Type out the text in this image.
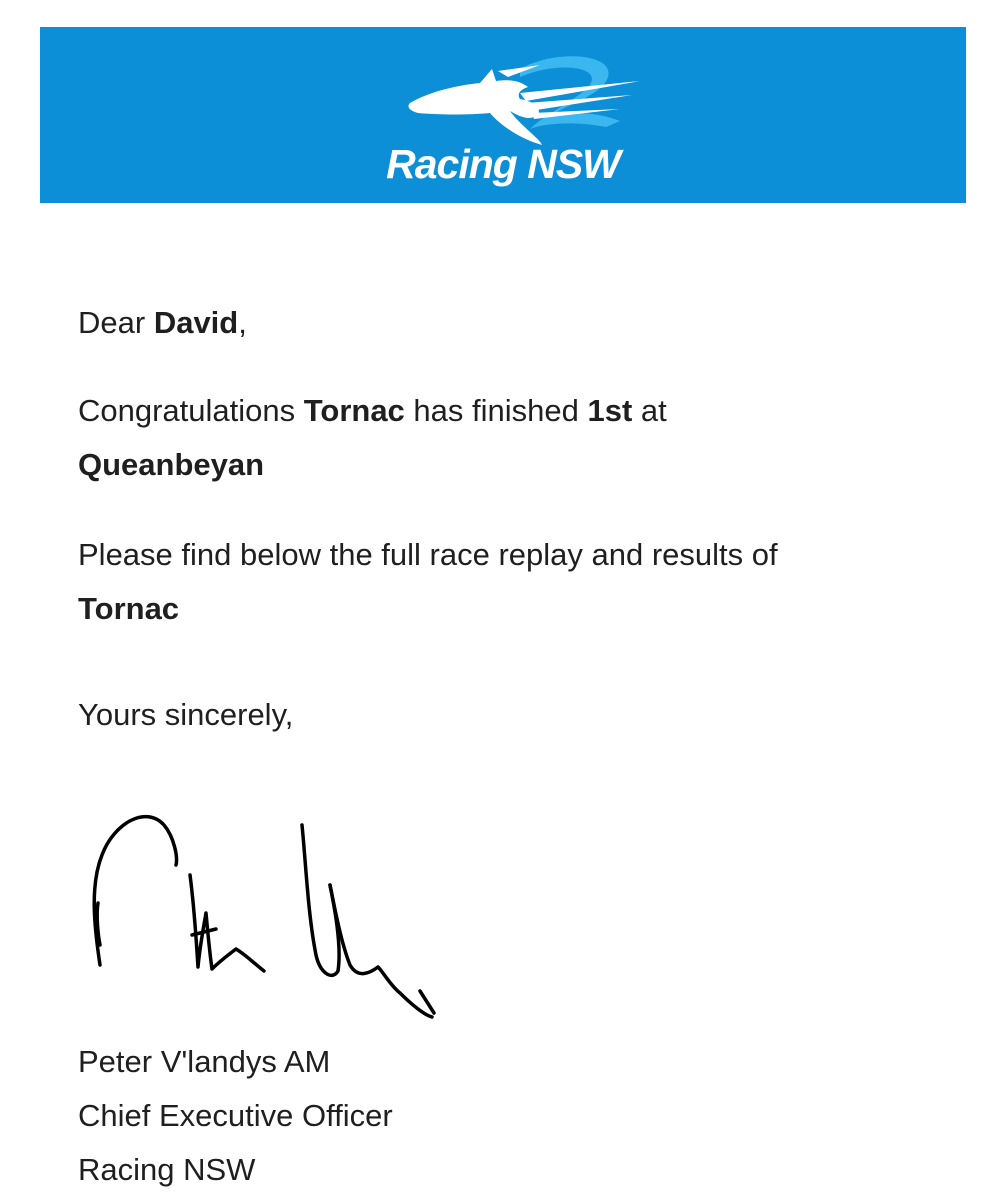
Racing NSW

Dear David,

Congratulations Tornac has finished 1st at
Queanbeyan

Please find below the full race replay and results of
Tornac

Yours sincerely,

Peter V'landys AM
Chief Executive Officer
Racing NSW
